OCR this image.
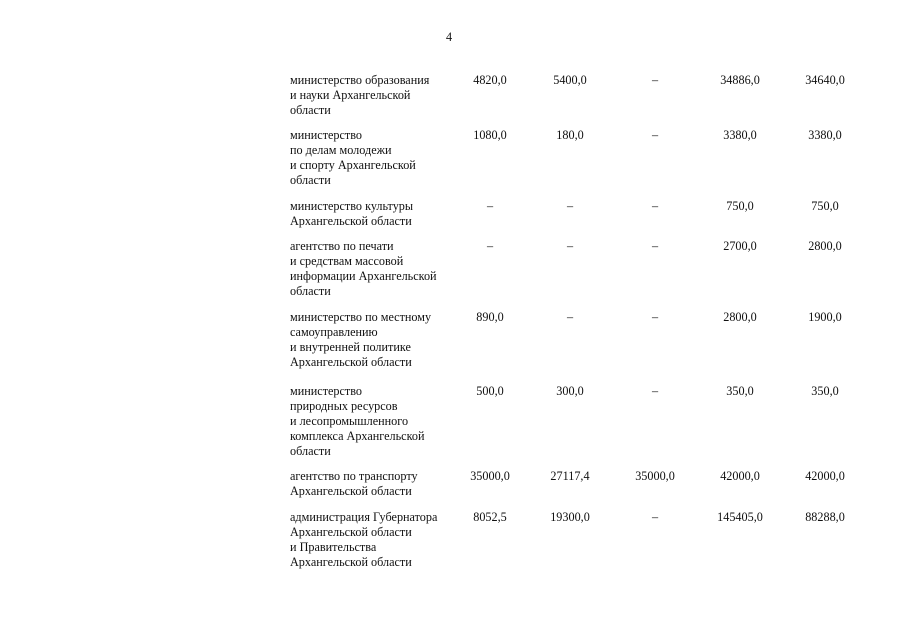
4
министерство образования
и науки Архангельской
области
4820,0	5400,0	–	34886,0	34640,0
министерство
по делам молодежи
и спорту Архангельской
области
1080,0	180,0	–	3380,0	3380,0
министерство культуры
Архангельской области
–	–	–	750,0	750,0
агентство по печати
и средствам массовой
информации Архангельской
области
–	–	–	2700,0	2800,0
министерство по местному
самоуправлению
и внутренней политике
Архангельской области
890,0	–	–	2800,0	1900,0
министерство
природных ресурсов
и лесопромышленного
комплекса Архангельской
области
500,0	300,0	–	350,0	350,0
агентство по транспорту
Архангельской области
35000,0	27117,4	35000,0	42000,0	42000,0
администрация Губернатора
Архангельской области
и Правительства
Архангельской области
8052,5	19300,0	–	145405,0	88288,0
